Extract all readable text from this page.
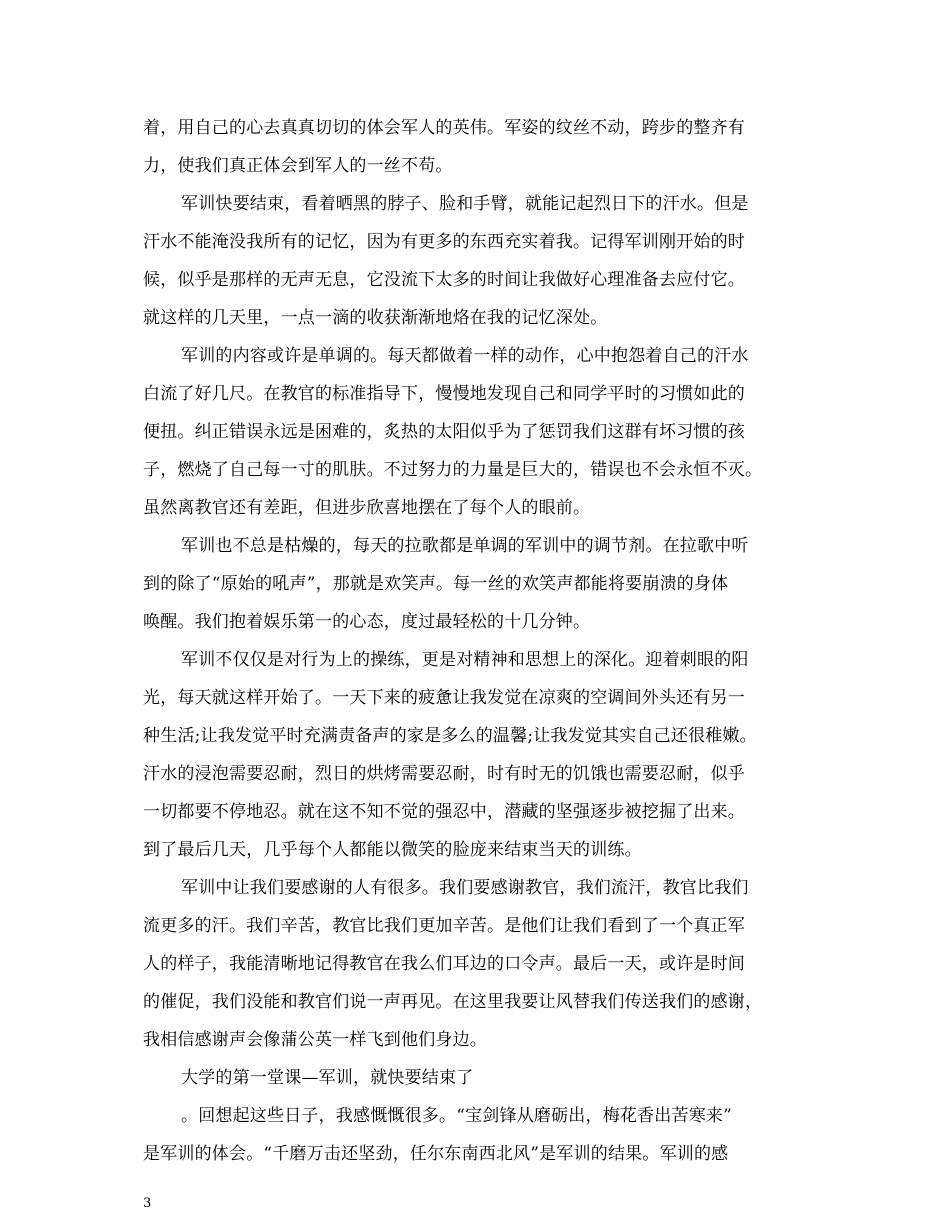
着，用自己的心去真真切切的体会军人的英伟。军姿的纹丝不动，跨步的整齐有
力，使我们真正体会到军人的一丝不苟。
军训快要结束，看着晒黑的脖子、脸和手臂，就能记起烈日下的汗水。但是
汗水不能淹没我所有的记忆，因为有更多的东西充实着我。记得军训刚开始的时
候，似乎是那样的无声无息，它没流下太多的时间让我做好心理准备去应付它。
就这样的几天里，一点一滴的收获渐渐地烙在我的记忆深处。
军训的内容或许是单调的。每天都做着一样的动作，心中抱怨着自己的汗水
白流了好几尺。在教官的标准指导下，慢慢地发现自己和同学平时的习惯如此的
便扭。纠正错误永远是困难的，炙热的太阳似乎为了惩罚我们这群有坏习惯的孩
子，燃烧了自己每一寸的肌肤。不过努力的力量是巨大的，错误也不会永恒不灭。
虽然离教官还有差距，但进步欣喜地摆在了每个人的眼前。
军训也不总是枯燥的，每天的拉歌都是单调的军训中的调节剂。在拉歌中听
到的除了“原始的吼声”，那就是欢笑声。每一丝的欢笑声都能将要崩溃的身体
唤醒。我们抱着娱乐第一的心态，度过最轻松的十几分钟。
军训不仅仅是对行为上的操练，更是对精神和思想上的深化。迎着刺眼的阳
光，每天就这样开始了。一天下来的疲惫让我发觉在凉爽的空调间外头还有另一
种生活;让我发觉平时充满责备声的家是多么的温馨;让我发觉其实自己还很稚嫩。
汗水的浸泡需要忍耐，烈日的烘烤需要忍耐，时有时无的饥饿也需要忍耐，似乎
一切都要不停地忍。就在这不知不觉的强忍中，潜藏的坚强逐步被挖掘了出来。
到了最后几天，几乎每个人都能以微笑的脸庞来结束当天的训练。
军训中让我们要感谢的人有很多。我们要感谢教官，我们流汗，教官比我们
流更多的汗。我们辛苦，教官比我们更加辛苦。是他们让我们看到了一个真正军
人的样子，我能清晰地记得教官在我么们耳边的口令声。最后一天，或许是时间
的催促，我们没能和教官们说一声再见。在这里我要让风替我们传送我们的感谢，
我相信感谢声会像蒲公英一样飞到他们身边。
大学的第一堂课—军训，就快要结束了
。回想起这些日子，我感慨慨很多。“宝剑锋从磨砺出，梅花香出苦寒来”
是军训的体会。“千磨万击还坚劲，任尔东南西北风”是军训的结果。军训的感
3
